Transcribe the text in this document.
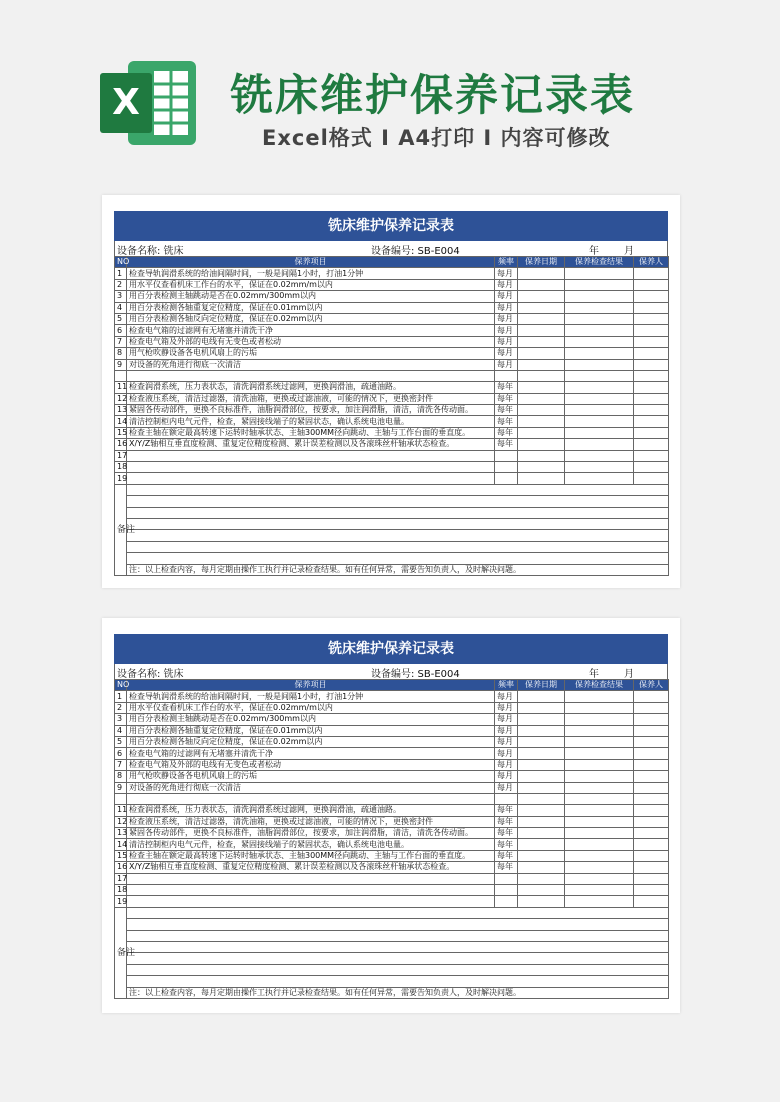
X 铣床维护保养记录表
Excel格式 I A4打印 I 内容可修改
铣床维护保养记录表
设备名称: 铣床	设备编号: SB-E004	年	月
NO	保养项目	频率	保养日期	保养检查结果	保养人
1	检查导轨润滑系统的给油间隔时间，一般是间隔1小时，打油1分钟	每月			
2	用水平仪查看机床工作台的水平，保证在0.02mm/m以内	每月			
3	用百分表检测主轴跳动是否在0.02mm/300mm以内	每月			
4	用百分表检测各轴重复定位精度，保证在0.01mm以内	每月			
5	用百分表检测各轴反向定位精度，保证在0.02mm以内	每月			
6	检查电气箱的过滤网有无堵塞并清洗干净	每月			
7	检查电气箱及外部的电线有无变色或者松动	每月			
8	用气枪吹静设备各电机风扇上的污垢	每月			
9	对设备的死角进行彻底一次清洁	每月			

11	检查润滑系统，压力表状态，清洗润滑系统过滤网，更换润滑油，疏通油路。	每年			
12	检查液压系统，清洁过滤器，清洗油箱，更换或过滤油液，可能的情况下，更换密封件	每年			
13	紧固各传动部件，更换不良标准件，油脂润滑部位，按要求，加注润滑脂，清洁，清洗各传动面。	每年			
14	清洁控制柜内电气元件，检查，紧固接线端子的紧固状态，确认系统电池电量。	每年			
15	检查主轴在额定最高转速下运转时轴承状态、主轴300MM径向跳动、主轴与工作台面的垂直度。	每年			
16	X/Y/Z轴相互垂直度检测、重复定位精度检测、累计误差检测以及各滚珠丝杆轴承状态检查。	每年			
17					
18					
19					
备注					

	注：以上检查内容，每月定期由操作工执行并记录检查结果。如有任何异常，需要告知负责人，及时解决问题。				
铣床维护保养记录表
设备名称: 铣床	设备编号: SB-E004	年	月
NO	保养项目	频率	保养日期	保养检查结果	保养人
1	检查导轨润滑系统的给油间隔时间，一般是间隔1小时，打油1分钟	每月			
2	用水平仪查看机床工作台的水平，保证在0.02mm/m以内	每月			
3	用百分表检测主轴跳动是否在0.02mm/300mm以内	每月			
4	用百分表检测各轴重复定位精度，保证在0.01mm以内	每月			
5	用百分表检测各轴反向定位精度，保证在0.02mm以内	每月			
6	检查电气箱的过滤网有无堵塞并清洗干净	每月			
7	检查电气箱及外部的电线有无变色或者松动	每月			
8	用气枪吹静设备各电机风扇上的污垢	每月			
9	对设备的死角进行彻底一次清洁	每月			

11	检查润滑系统，压力表状态，清洗润滑系统过滤网，更换润滑油，疏通油路。	每年			
12	检查液压系统，清洁过滤器，清洗油箱，更换或过滤油液，可能的情况下，更换密封件	每年			
13	紧固各传动部件，更换不良标准件，油脂润滑部位，按要求，加注润滑脂，清洁，清洗各传动面。	每年			
14	清洁控制柜内电气元件，检查，紧固接线端子的紧固状态，确认系统电池电量。	每年			
15	检查主轴在额定最高转速下运转时轴承状态、主轴300MM径向跳动、主轴与工作台面的垂直度。	每年			
16	X/Y/Z轴相互垂直度检测、重复定位精度检测、累计误差检测以及各滚珠丝杆轴承状态检查。	每年			
17					
18					
19					
备注					

	注：以上检查内容，每月定期由操作工执行并记录检查结果。如有任何异常，需要告知负责人，及时解决问题。				
